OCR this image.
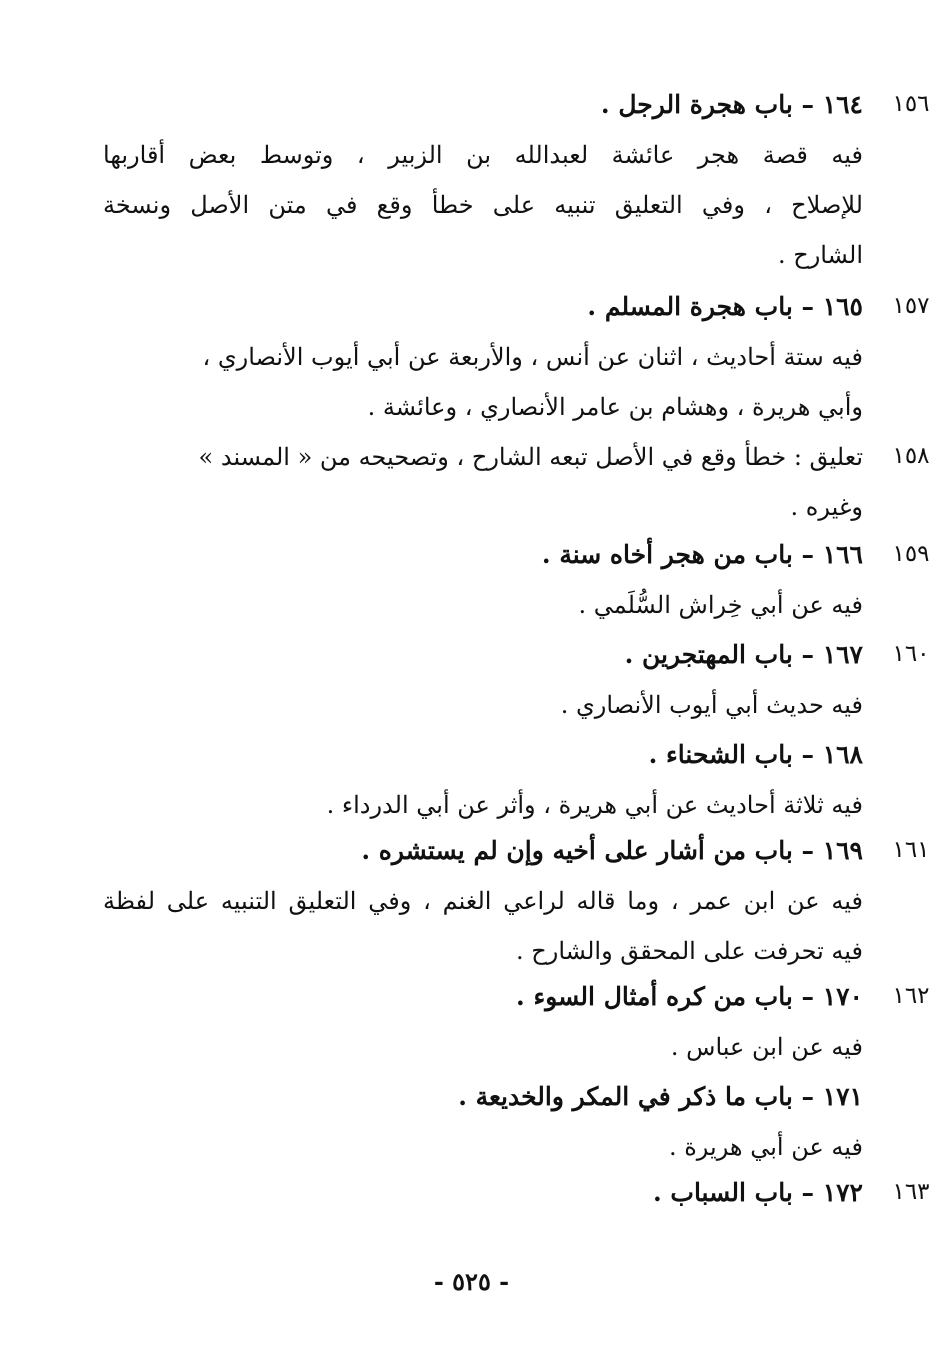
١٥٦
١٦٤ – باب هجرة الرجل .
فيه قصة هجر عائشة لعبدالله بن الزبير ، وتوسط بعض أقاربها
للإصلاح ، وفي التعليق تنبيه على خطأ وقع في متن الأصل ونسخة
الشارح .
١٥٧
١٦٥ – باب هجرة المسلم .
فيه ستة أحاديث ، اثنان عن أنس ، والأربعة عن أبي أيوب الأنصاري ،
وأبي هريرة ، وهشام بن عامر الأنصاري ، وعائشة .
١٥٨
تعليق : خطأ وقع في الأصل تبعه الشارح ، وتصحيحه من « المسند »
وغيره .
١٥٩
١٦٦ – باب من هجر أخاه سنة .
فيه عن أبي خِراش السُّلَمي .
١٦٠
١٦٧ – باب المهتجرين .
فيه حديث أبي أيوب الأنصاري .
١٦٨ – باب الشحناء .
فيه ثلاثة أحاديث عن أبي هريرة ، وأثر عن أبي الدرداء .
١٦١
١٦٩ – باب من أشار على أخيه وإن لم يستشره .
فيه عن ابن عمر ، وما قاله لراعي الغنم ، وفي التعليق التنبيه على لفظة
فيه تحرفت على المحقق والشارح .
١٦٢
١٧٠ – باب من كره أمثال السوء .
فيه عن ابن عباس .
١٧١ – باب ما ذكر في المكر والخديعة .
فيه عن أبي هريرة .
١٦٣
١٧٢ – باب السباب .
- ٥٢٥ -
